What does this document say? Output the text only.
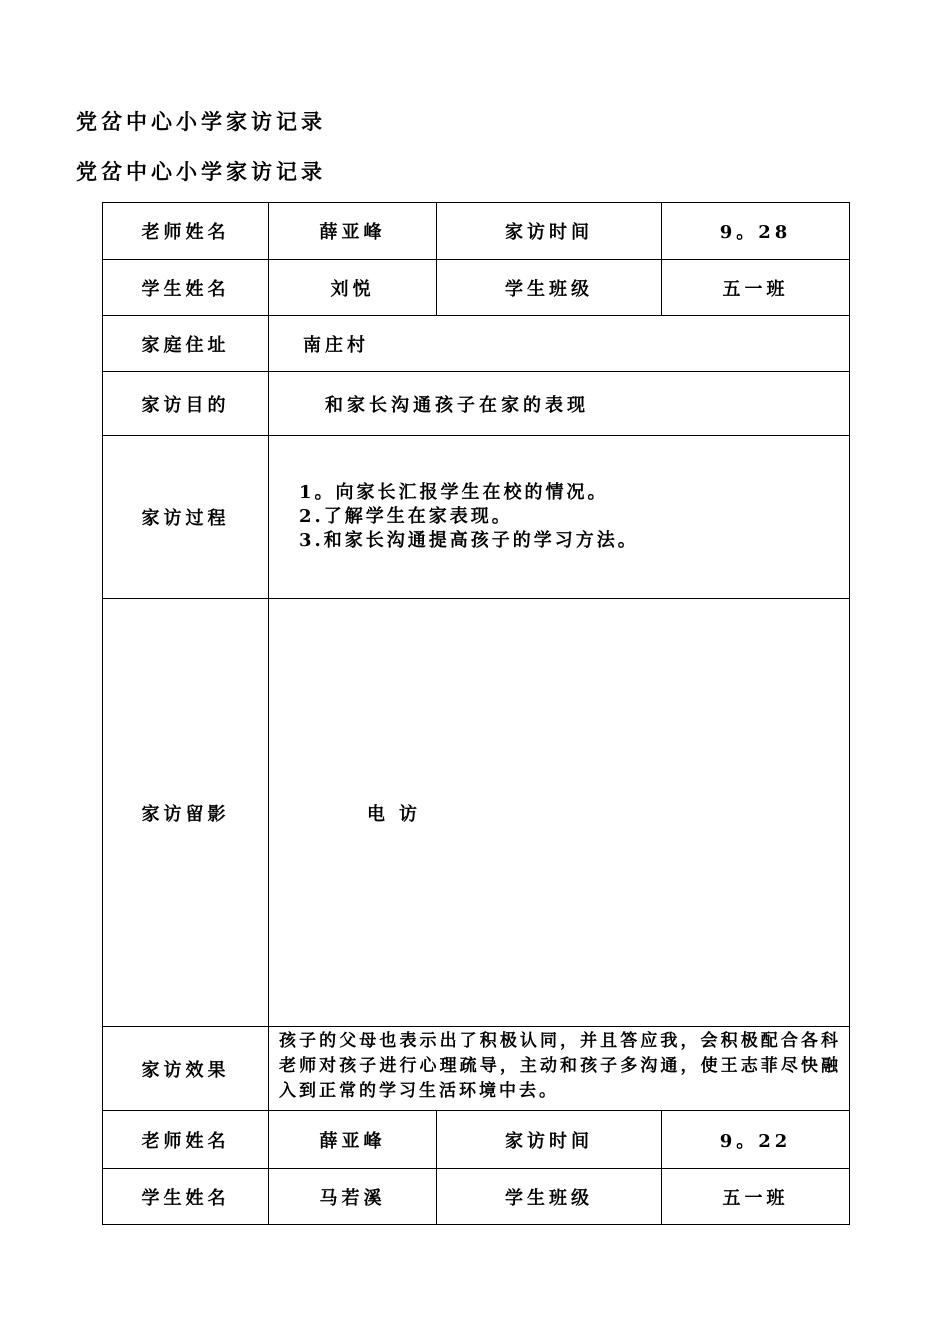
党岔中心小学家访记录
党岔中心小学家访记录
老师姓名	薛亚峰	家访时间	9。28
学生姓名	刘悦	学生班级	五一班
家庭住址	南庄村		
家访目的	和家长沟通孩子在家的表现		
家访过程	1。向家长汇报学生在校的情况。
2.了解学生在家表现。
3.和家长沟通提高孩子的学习方法。		

家访留影	电访		
家访效果	孩子的父母也表示出了积极认同，并且答应我，会积极配合各科老师对孩子进行心理疏导，主动和孩子多沟通，使王志菲尽快融入到正常的学习生活环境中去。		
老师姓名	薛亚峰	家访时间	9。22
学生姓名	马若溪	学生班级	五一班
